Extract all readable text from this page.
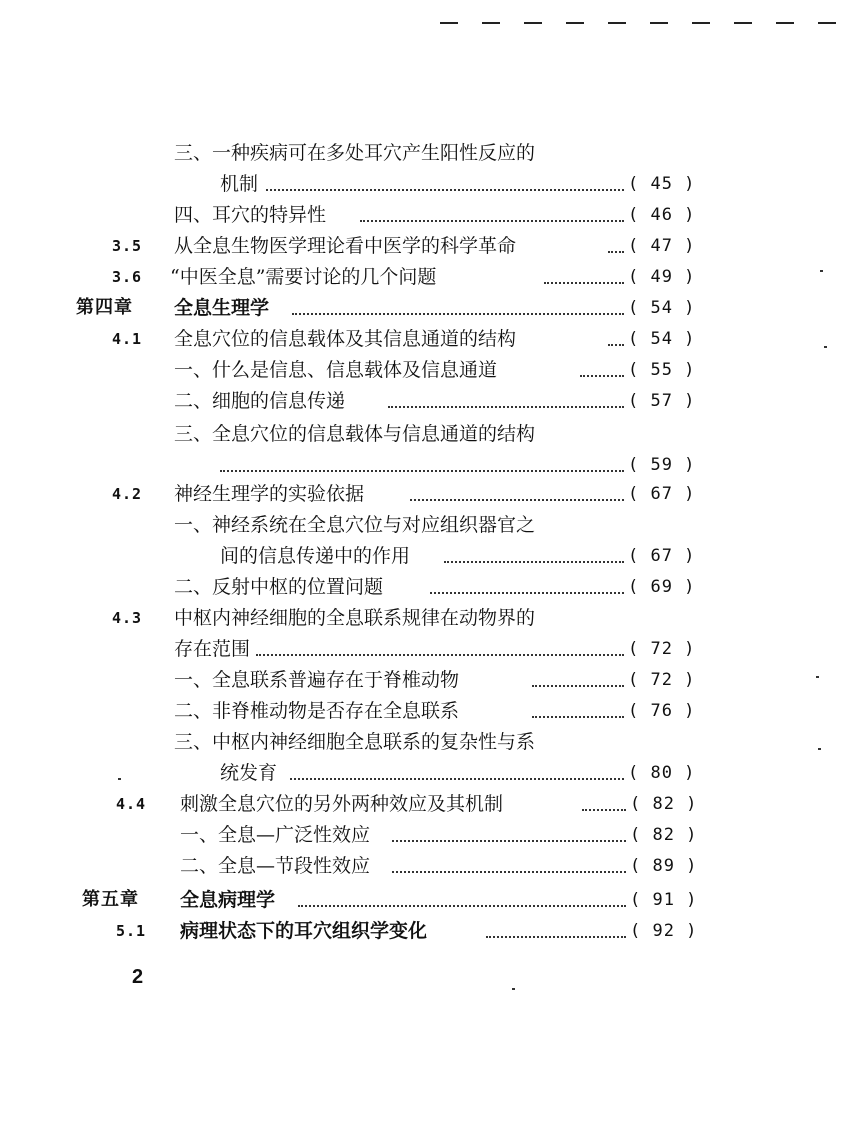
三、一种疾病可在多处耳穴产生阳性反应的
机制	( 45 )
四、耳穴的特异性	( 46 )
3.5 从全息生物医学理论看中医学的科学革命	( 47 )
3.6 “中医全息”需要讨论的几个问题	( 49 )
第四章 全息生理学	( 54 )
4.1 全息穴位的信息载体及其信息通道的结构	( 54 )
一、什么是信息、信息载体及信息通道	( 55 )
二、细胞的信息传递	( 57 )
三、全息穴位的信息载体与信息通道的结构
( 59 )
4.2 神经生理学的实验依据	( 67 )
一、神经系统在全息穴位与对应组织器官之
间的信息传递中的作用	( 67 )
二、反射中枢的位置问题	( 69 )
4.3 中枢内神经细胞的全息联系规律在动物界的
存在范围	( 72 )
一、全息联系普遍存在于脊椎动物	( 72 )
二、非脊椎动物是否存在全息联系	( 76 )
三、中枢内神经细胞全息联系的复杂性与系
统发育	( 80 )
4.4 刺激全息穴位的另外两种效应及其机制	( 82 )
一、全息—广泛性效应	( 82 )
二、全息—节段性效应	( 89 )
第五章 全息病理学	( 91 )
5.1 病理状态下的耳穴组织学变化	( 92 )
2
